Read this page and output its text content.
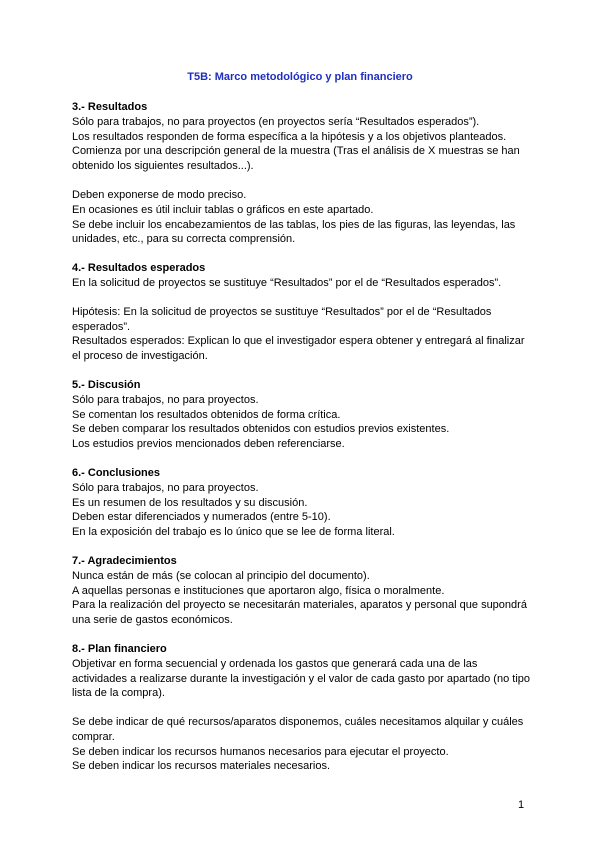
T5B: Marco metodológico y plan financiero
3.- Resultados
Sólo para trabajos, no para proyectos (en proyectos sería “Resultados esperados”).
Los resultados responden de forma específica a la hipótesis y a los objetivos planteados.
Comienza por una descripción general de la muestra (Tras el análisis de X muestras se han obtenido los siguientes resultados...).
Deben exponerse de modo preciso.
En ocasiones es útil incluir tablas o gráficos en este apartado.
Se debe incluir los encabezamientos de las tablas, los pies de las figuras, las leyendas, las unidades, etc., para su correcta comprensión.
4.- Resultados esperados
En la solicitud de proyectos se sustituye “Resultados” por el de “Resultados esperados”.
Hipótesis: En la solicitud de proyectos se sustituye “Resultados” por el de “Resultados esperados”.
Resultados esperados: Explican lo que el investigador espera obtener y entregará al finalizar el proceso de investigación.
5.- Discusión
Sólo para trabajos, no para proyectos.
Se comentan los resultados obtenidos de forma crítica.
Se deben comparar los resultados obtenidos con estudios previos existentes.
Los estudios previos mencionados deben referenciarse.
6.- Conclusiones
Sólo para trabajos, no para proyectos.
Es un resumen de los resultados y su discusión.
Deben estar diferenciados y numerados (entre 5-10).
En la exposición del trabajo es lo único que se lee de forma literal.
7.- Agradecimientos
Nunca están de más (se colocan al principio del documento).
A aquellas personas e instituciones que aportaron algo, física o moralmente.
Para la realización del proyecto se necesitarán materiales, aparatos y personal que supondrá una serie de gastos económicos.
8.- Plan financiero
Objetivar en forma secuencial y ordenada los gastos que generará cada una de las actividades a realizarse durante la investigación y el valor de cada gasto por apartado (no tipo lista de la compra).
Se debe indicar de qué recursos/aparatos disponemos, cuáles necesitamos alquilar y cuáles comprar.
Se deben indicar los recursos humanos necesarios para ejecutar el proyecto.
Se deben indicar los recursos materiales necesarios.
1
